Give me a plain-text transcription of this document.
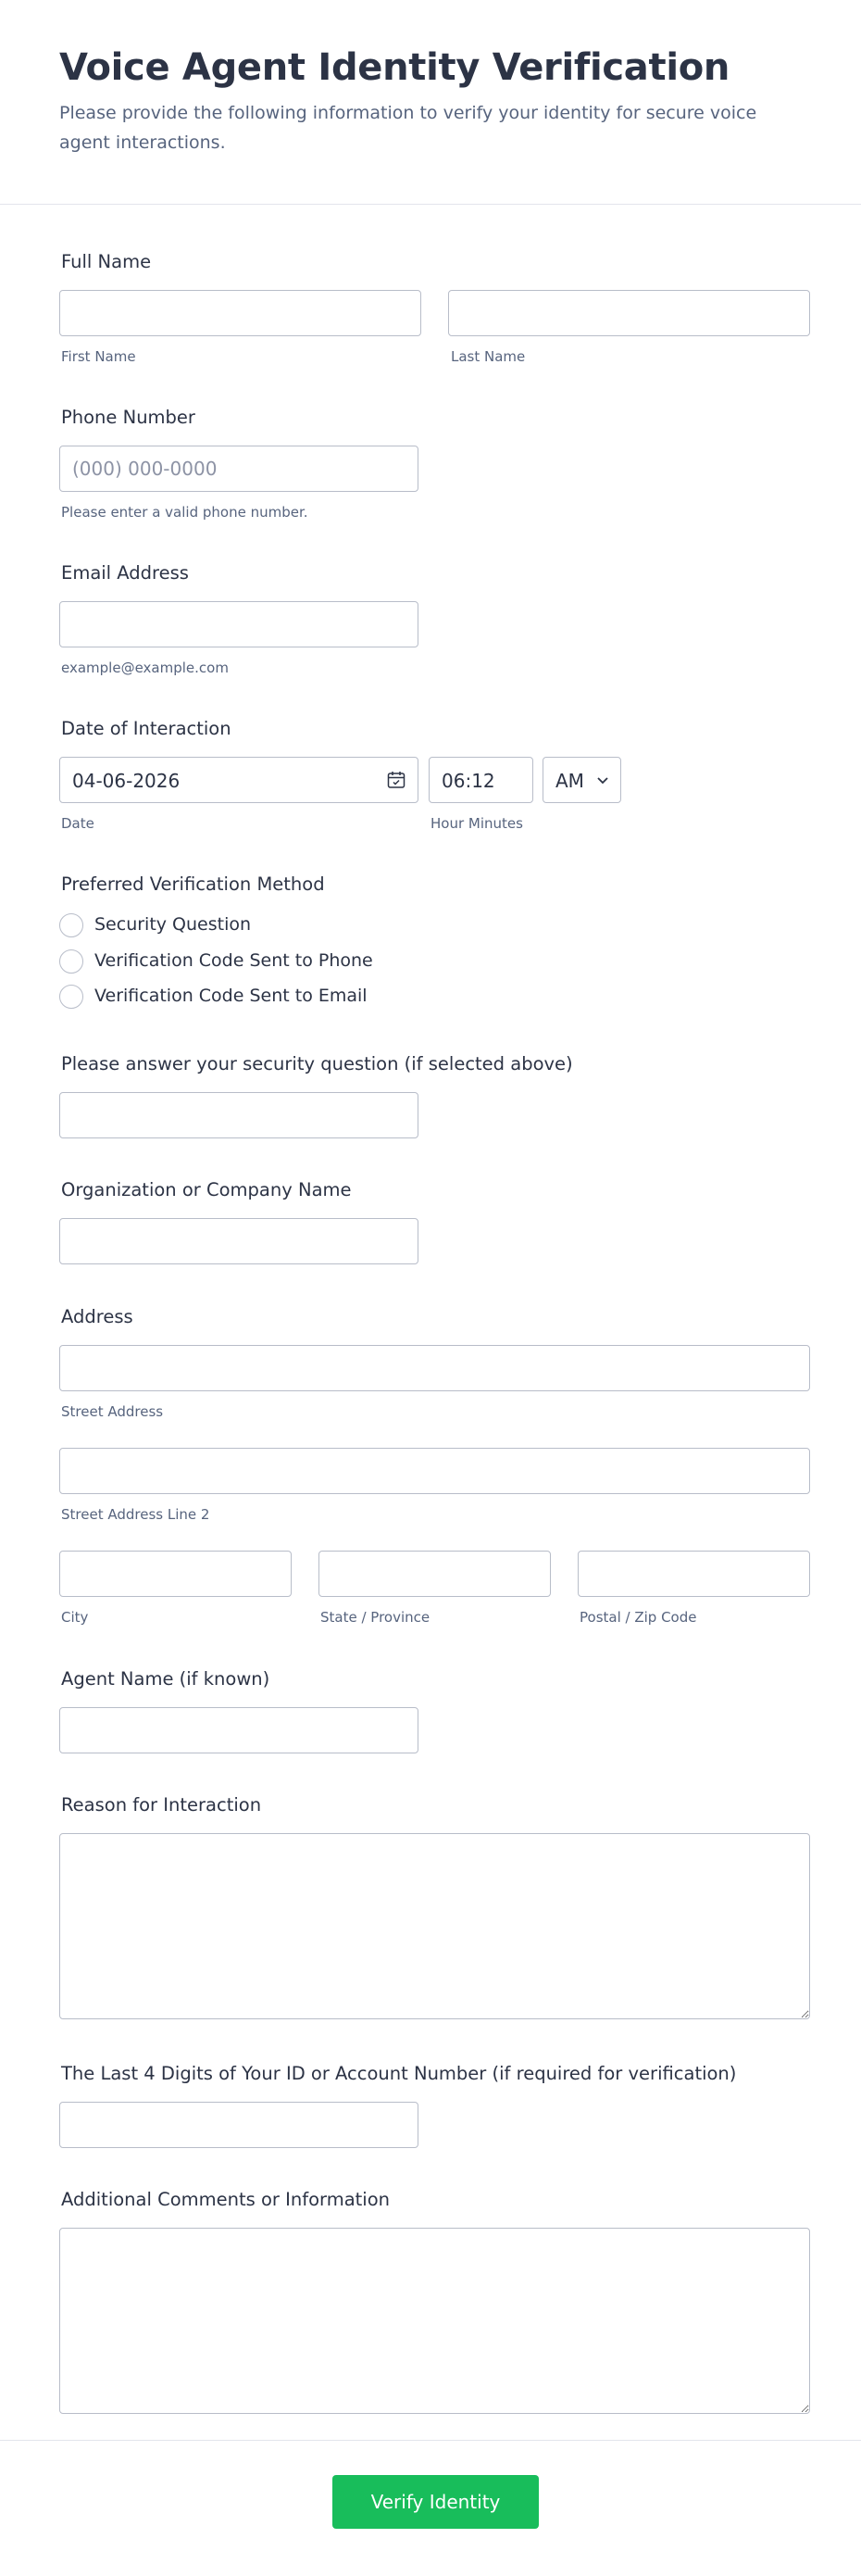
Voice Agent Identity Verification

Please provide the following information to verify your identity for secure voice agent interactions.

Full Name
First Name	Last Name
Phone Number
(000) 000-0000
Please enter a valid phone number.
Email Address
example@example.com
Date of Interaction
04-06-2026	06:12	AM
Date	Hour Minutes
Preferred Verification Method
Security Question
Verification Code Sent to Phone
Verification Code Sent to Email
Please answer your security question (if selected above)
Organization or Company Name
Address
Street Address
Street Address Line 2
City	State / Province	Postal / Zip Code
Agent Name (if known)
Reason for Interaction
The Last 4 Digits of Your ID or Account Number (if required for verification)
Additional Comments or Information
Verify Identity
